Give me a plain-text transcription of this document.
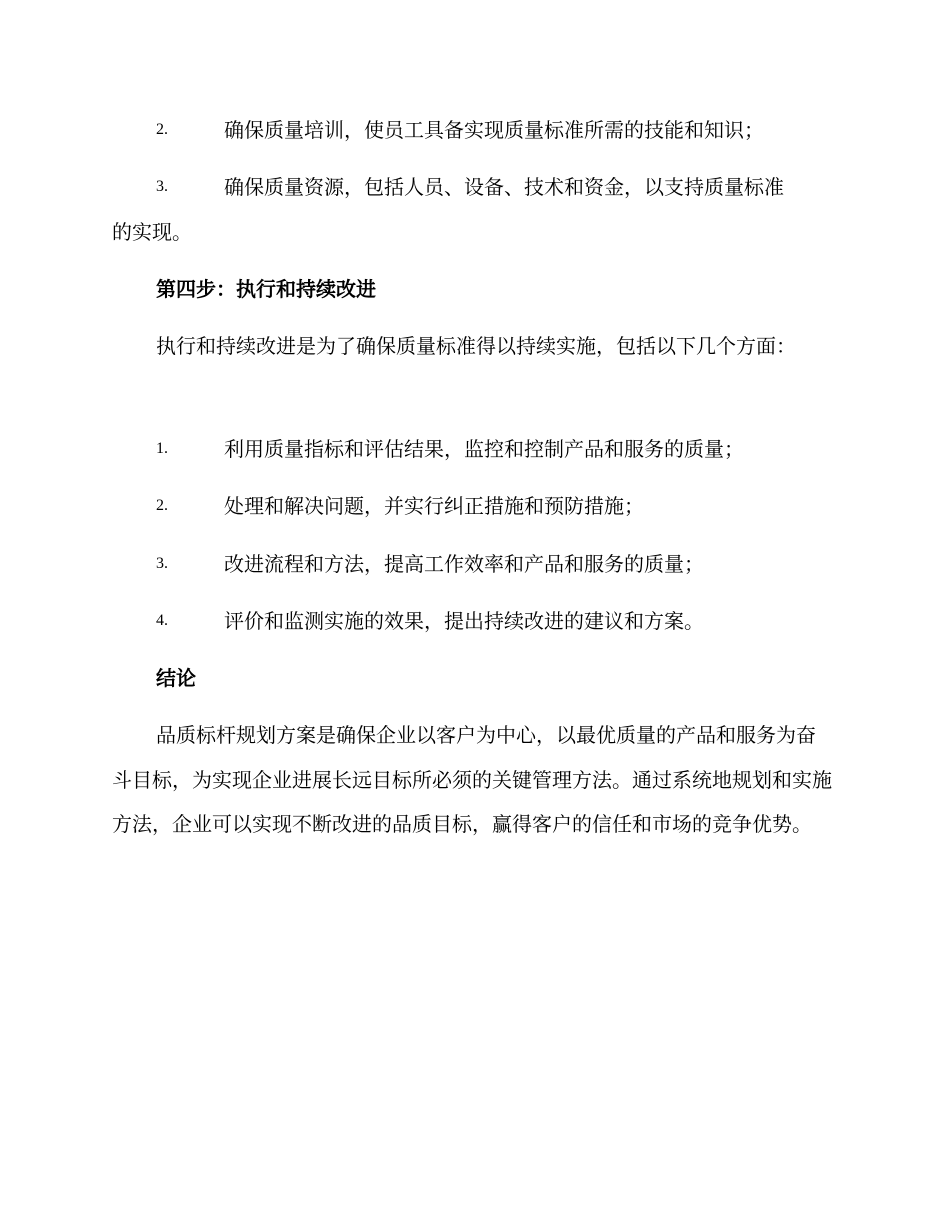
2.	确保质量培训，使员工具备实现质量标准所需的技能和知识；
3.	确保质量资源，包括人员、设备、技术和资金，以支持质量标准
的实现。
第四步：执行和持续改进

执行和持续改进是为了确保质量标准得以持续实施，包括以下几个方面：

1.	利用质量指标和评估结果，监控和控制产品和服务的质量；
2.	处理和解决问题，并实行纠正措施和预防措施；
3.	改进流程和方法，提高工作效率和产品和服务的质量；
4.	评价和监测实施的效果，提出持续改进的建议和方案。
结论

品质标杆规划方案是确保企业以客户为中心，以最优质量的产品和服务为奋斗目标，为实现企业进展长远目标所必须的关键管理方法。通过系统地规划和实施方法，企业可以实现不断改进的品质目标，赢得客户的信任和市场的竞争优势。
